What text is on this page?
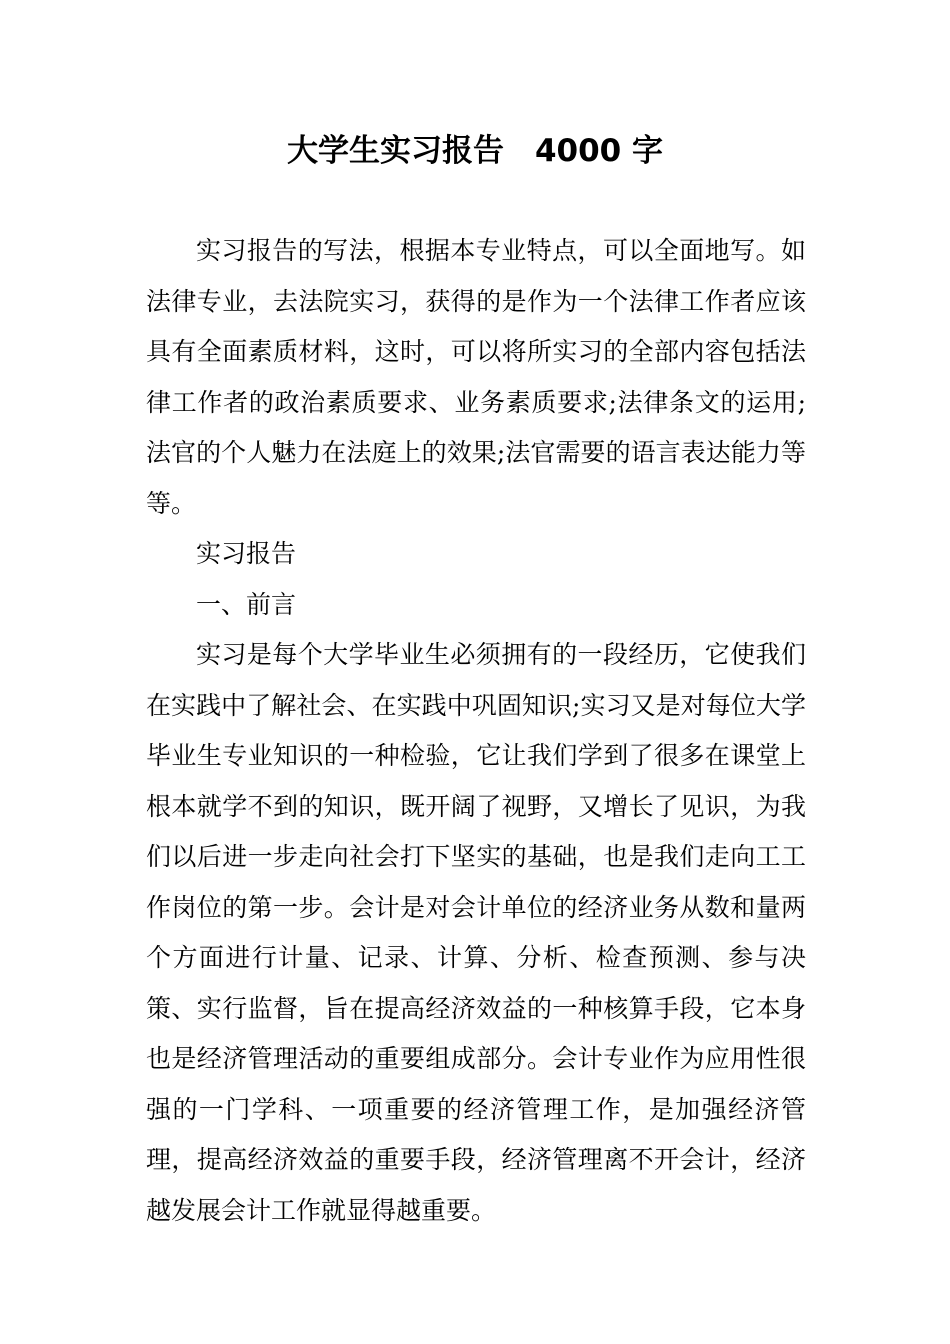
大学生实习报告　4000 字

实习报告的写法，根据本专业特点，可以全面地写。如法律专业，去法院实习，获得的是作为一个法律工作者应该具有全面素质材料，这时，可以将所实习的全部内容包括法律工作者的政治素质要求、业务素质要求;法律条文的运用;法官的个人魅力在法庭上的效果;法官需要的语言表达能力等等。

实习报告

一、前言

实习是每个大学毕业生必须拥有的一段经历，它使我们在实践中了解社会、在实践中巩固知识;实习又是对每位大学毕业生专业知识的一种检验，它让我们学到了很多在课堂上根本就学不到的知识，既开阔了视野，又增长了见识，为我们以后进一步走向社会打下坚实的基础，也是我们走向工工作岗位的第一步。会计是对会计单位的经济业务从数和量两个方面进行计量、记录、计算、分析、检查预测、参与决策、实行监督，旨在提高经济效益的一种核算手段，它本身也是经济管理活动的重要组成部分。会计专业作为应用性很强的一门学科、一项重要的经济管理工作，是加强经济管理，提高经济效益的重要手段，经济管理离不开会计，经济越发展会计工作就显得越重要。
